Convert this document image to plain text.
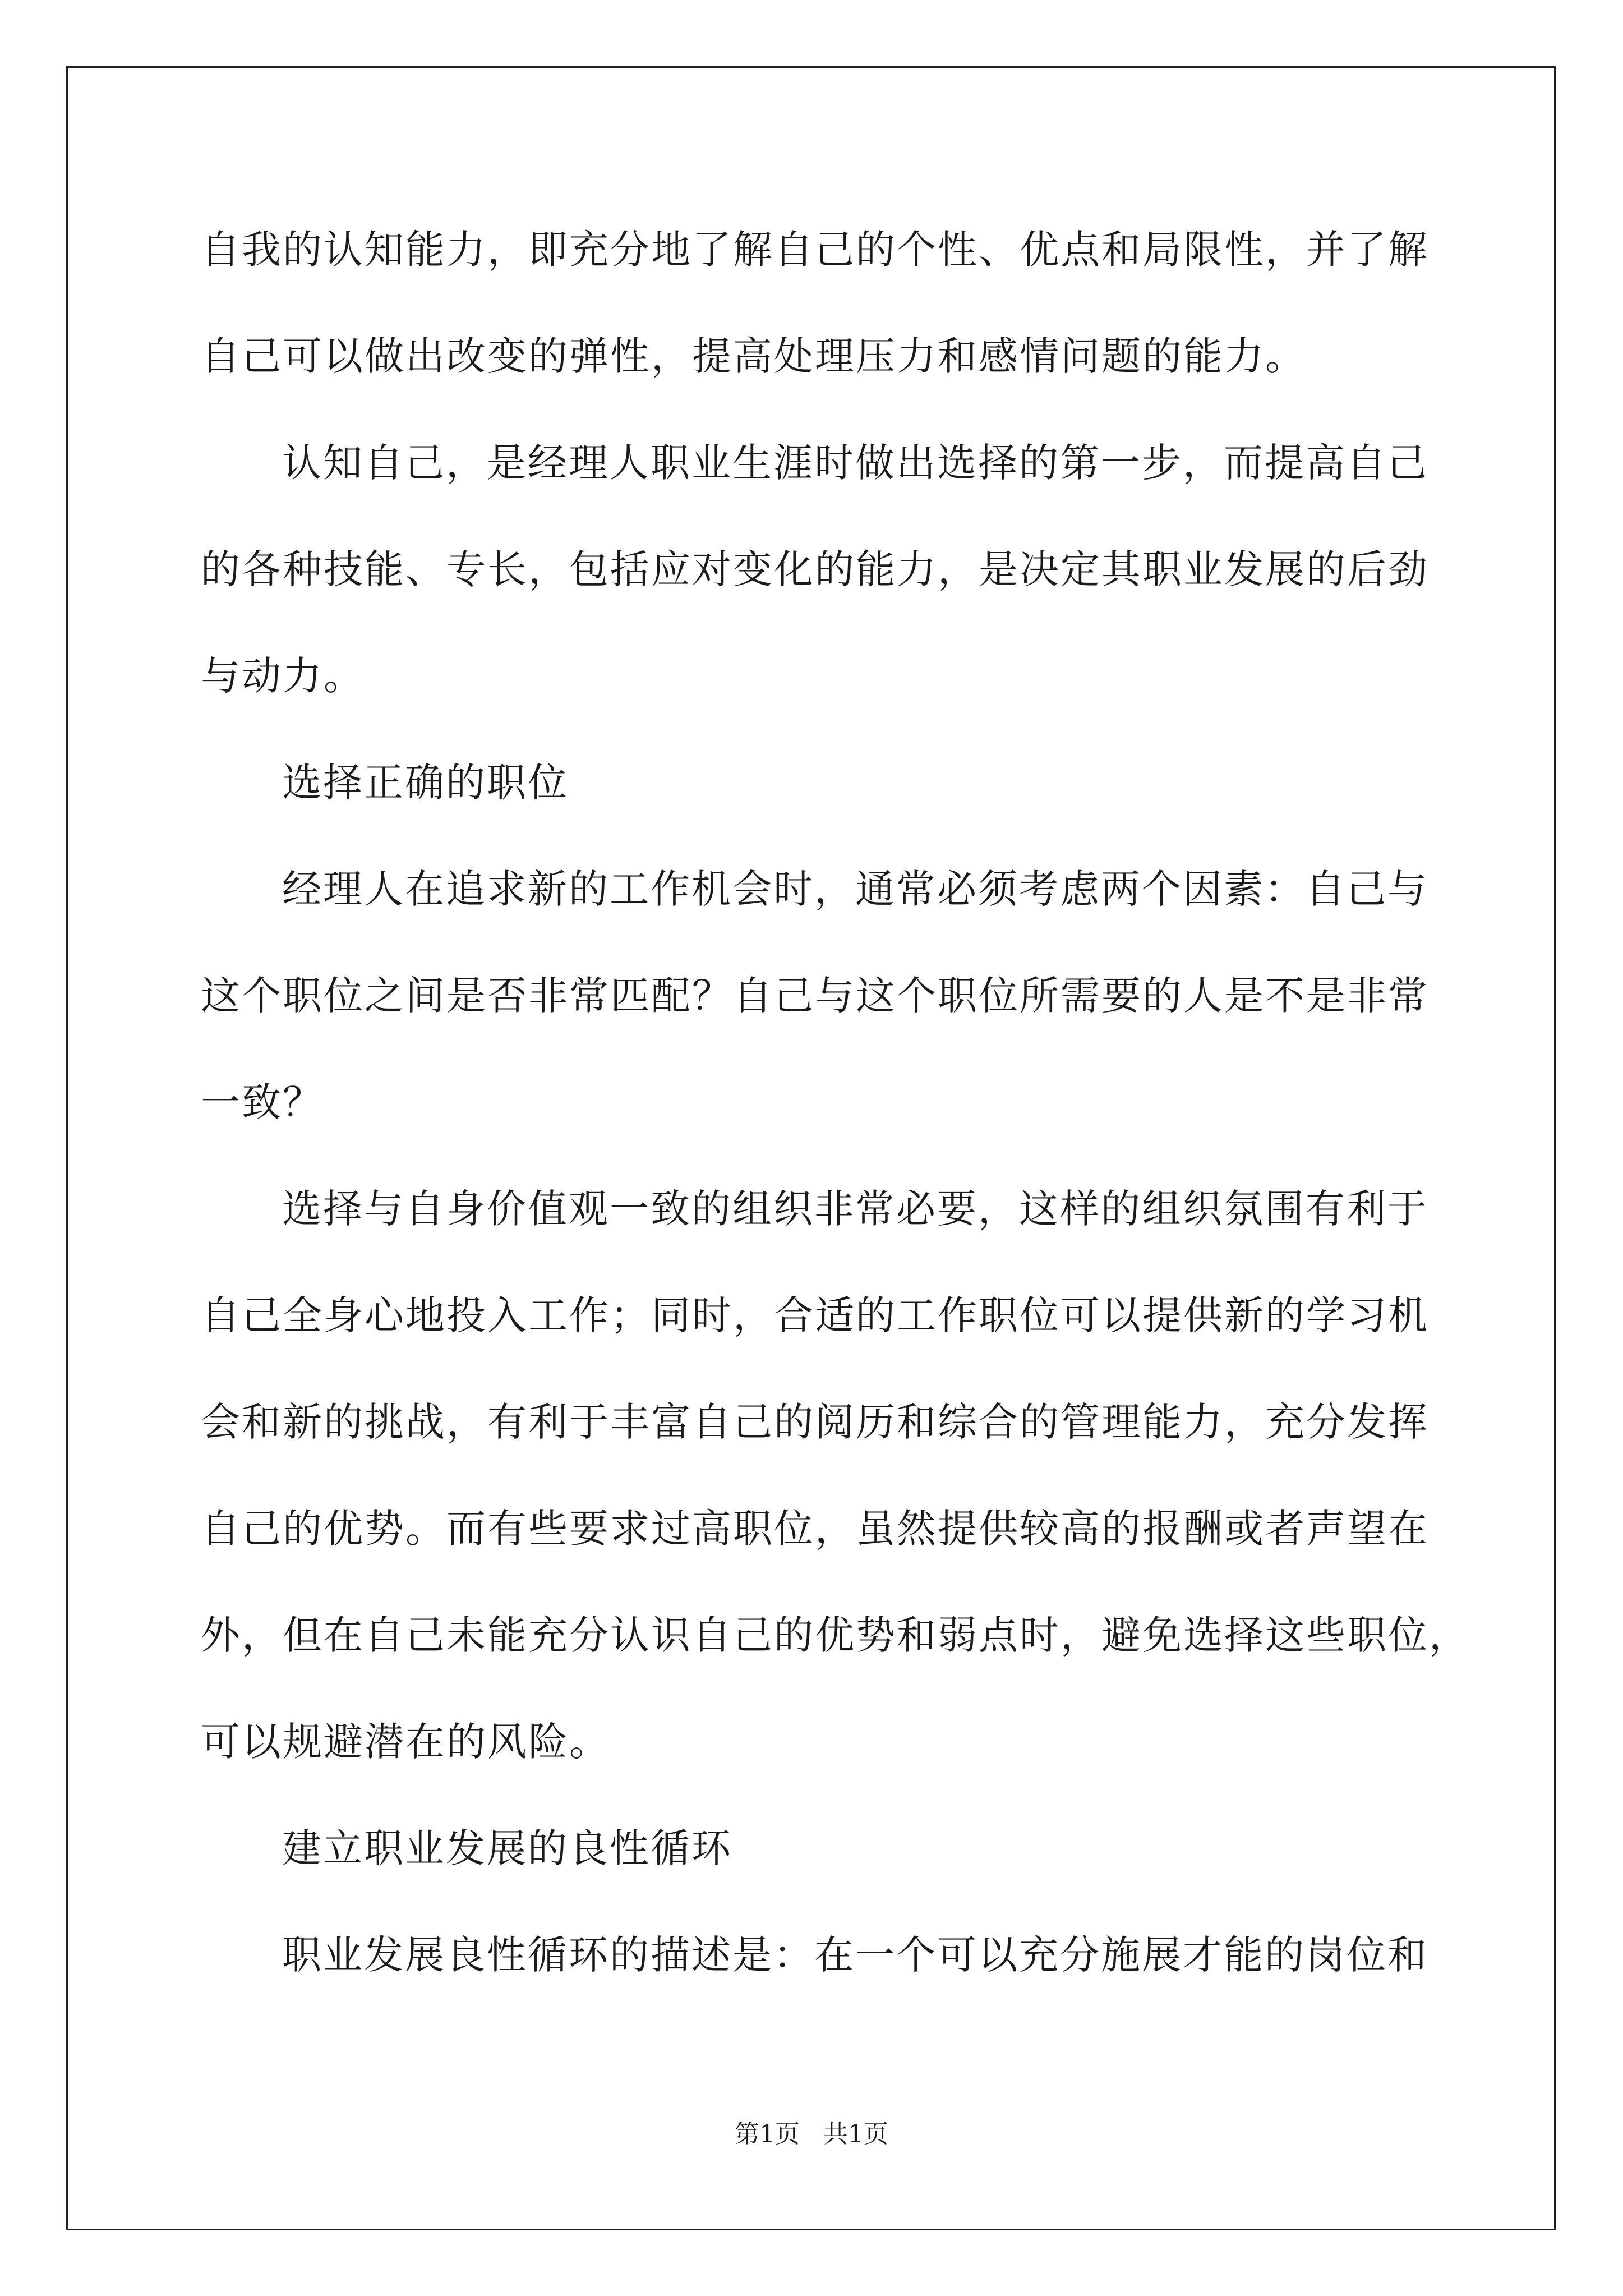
自我的认知能力，即充分地了解自己的个性、优点和局限性，并了解
自己可以做出改变的弹性，提高处理压力和感情问题的能力。
认知自己，是经理人职业生涯时做出选择的第一步，而提高自己
的各种技能、专长，包括应对变化的能力，是决定其职业发展的后劲
与动力。
选择正确的职位
经理人在追求新的工作机会时，通常必须考虑两个因素：自己与
这个职位之间是否非常匹配？自己与这个职位所需要的人是不是非常
一致？
选择与自身价值观一致的组织非常必要，这样的组织氛围有利于
自己全身心地投入工作；同时，合适的工作职位可以提供新的学习机
会和新的挑战，有利于丰富自己的阅历和综合的管理能力，充分发挥
自己的优势。而有些要求过高职位，虽然提供较高的报酬或者声望在
外，但在自己未能充分认识自己的优势和弱点时，避免选择这些职位，
可以规避潜在的风险。
建立职业发展的良性循环
职业发展良性循环的描述是：在一个可以充分施展才能的岗位和
第1页   共1页
